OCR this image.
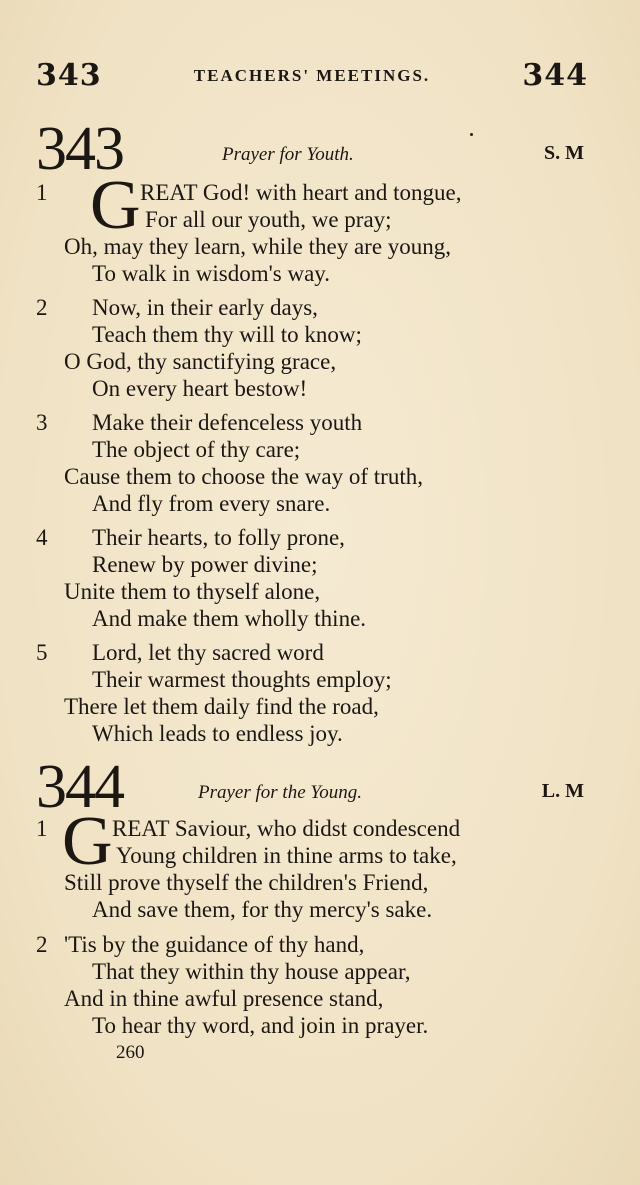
343	TEACHERS' MEETINGS.	344
343	Prayer for Youth.	S. M
1 G REAT God! with heart and tongue,
For all our youth, we pray;
Oh, may they learn, while they are young,
To walk in wisdom's way.
2 Now, in their early days,
Teach them thy will to know;
O God, thy sanctifying grace,
On every heart bestow!
3 Make their defenceless youth
The object of thy care;
Cause them to choose the way of truth,
And fly from every snare.
4 Their hearts, to folly prone,
Renew by power divine;
Unite them to thyself alone,
And make them wholly thine.
5 Lord, let thy sacred word
Their warmest thoughts employ;
There let them daily find the road,
Which leads to endless joy.
344	Prayer for the Young.	L. M
1 G REAT Saviour, who didst condescend
Young children in thine arms to take,
Still prove thyself the children's Friend,
And save them, for thy mercy's sake.
2 'Tis by the guidance of thy hand,
That they within thy house appear,
And in thine awful presence stand,
To hear thy word, and join in prayer.
260
